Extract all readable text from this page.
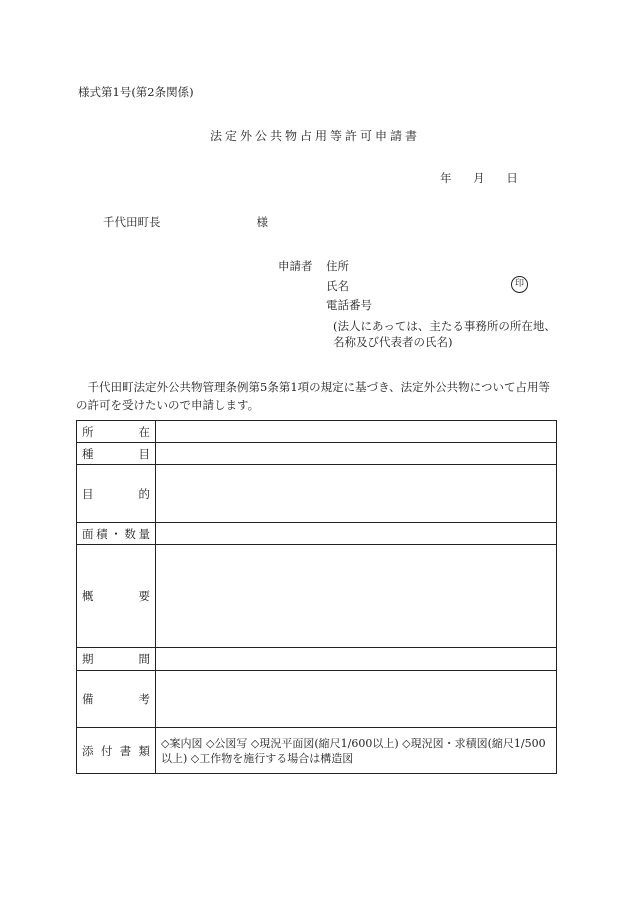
様式第1号(第2条関係)
法定外公共物占用等許可申請書
年 月 日
千代田町長	様
申請者 住所
氏名	印
電話番号
(法人にあっては、主たる事務所の所在地、名称及び代表者の氏名)
千代田町法定外公共物管理条例第5条第1項の規定に基づき、法定外公共物について占用等の許可を受けたいので申請します。
所 在	

種 目	

目 的	

面 積 ・ 数 量	

概 要	

期 間	

備 考	

添 付 書 類	◇案内図 ◇公図写 ◇現況平面図(縮尺1/600以上) ◇現況図・求積図(縮尺1/500以上) ◇工作物を施行する場合は構造図
